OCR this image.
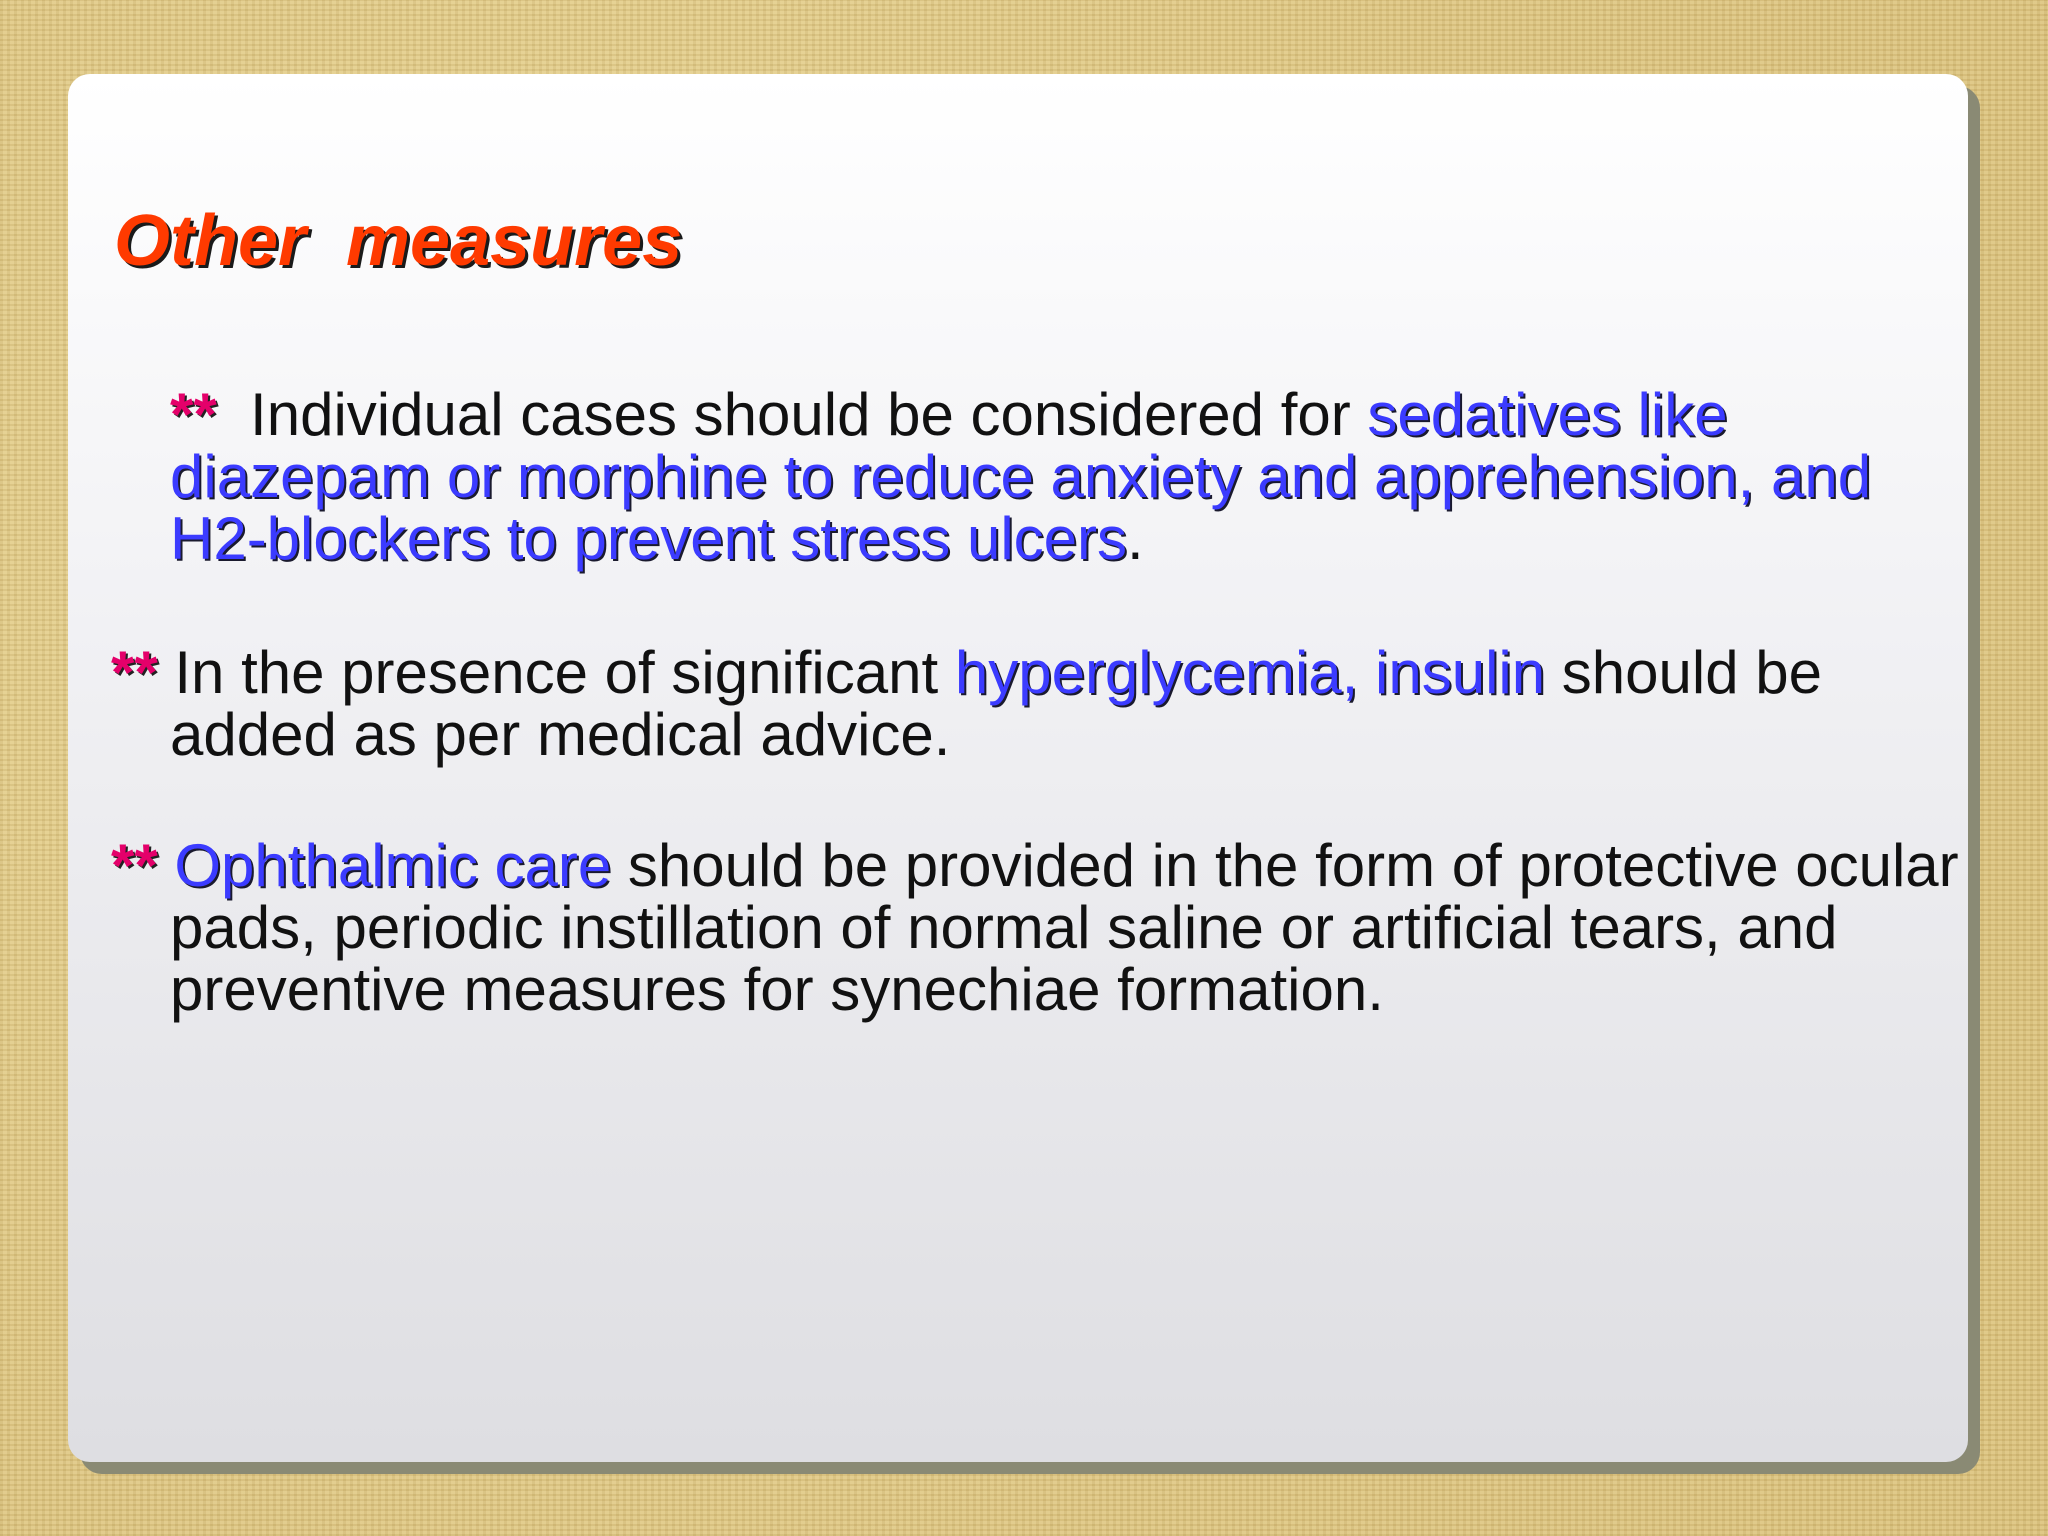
Other  measures

** Individual cases should be considered for sedatives like diazepam or morphine to reduce anxiety and apprehension, and H2-blockers to prevent stress ulcers.

** In the presence of significant hyperglycemia, insulin should be added as per medical advice.

** Ophthalmic care should be provided in the form of protective ocular pads, periodic instillation of normal saline or artificial tears, and preventive measures for synechiae formation.
